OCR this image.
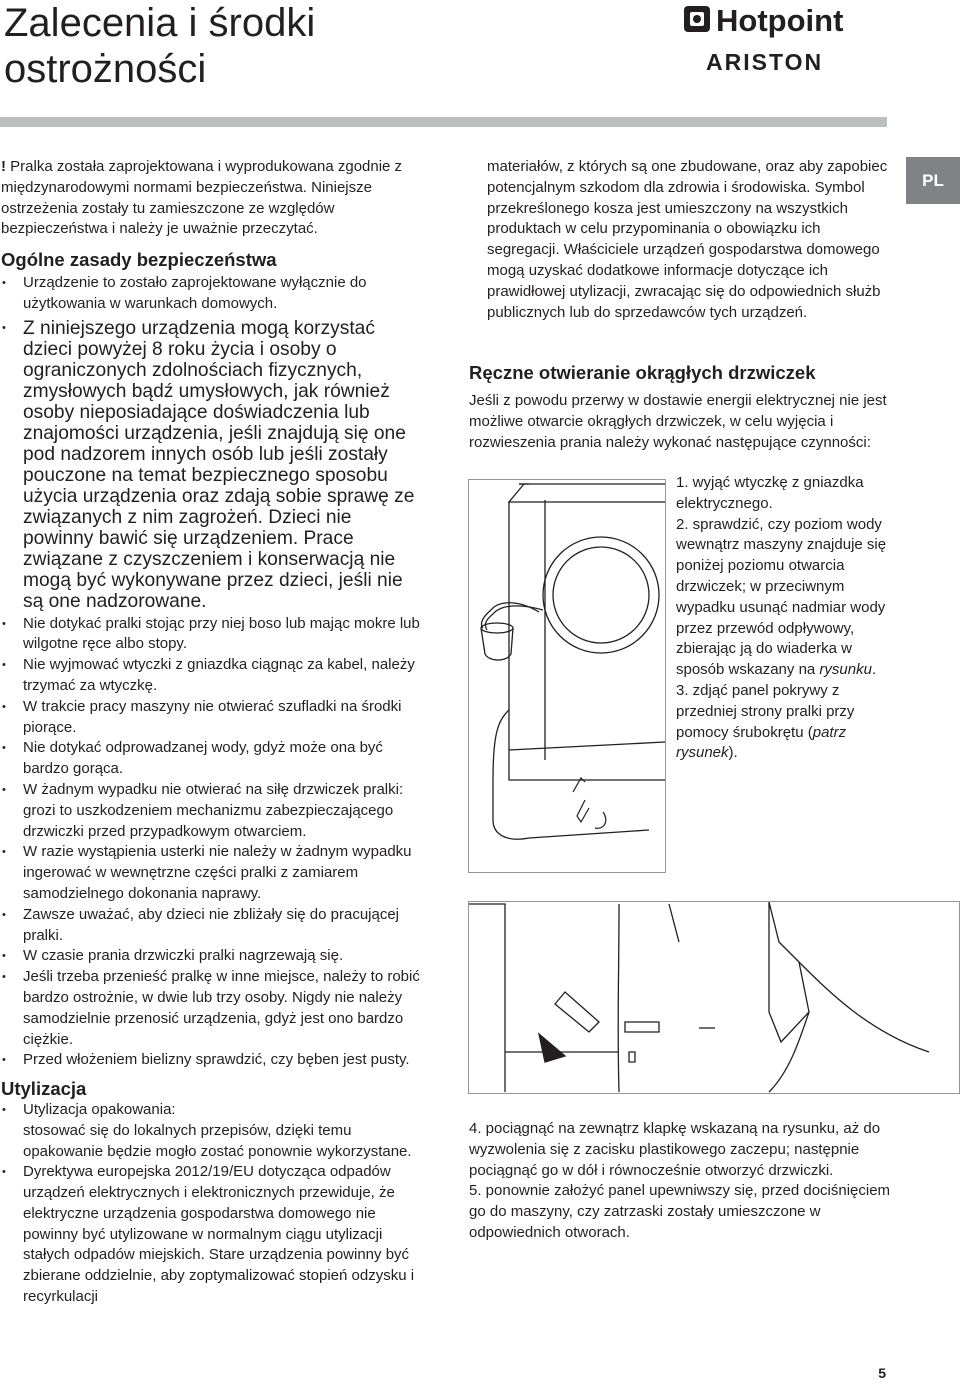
Zalecenia i środki
ostrożności
Hotpoint
ARISTON
PL

! Pralka została zaprojektowana i wyprodukowana zgodnie z międzynarodowymi normami bezpieczeństwa. Niniejsze ostrzeżenia zostały tu zamieszczone ze względów bezpieczeństwa i należy je uważnie przeczytać.

Ogólne zasady bezpieczeństwa

• Urządzenie to zostało zaprojektowane wyłącznie do użytkowania w warunkach domowych.
• Z niniejszego urządzenia mogą korzystać dzieci powyżej 8 roku życia i osoby o ograniczonych zdolnościach fizycznych, zmysłowych bądź umysłowych, jak również osoby nieposiadające doświadczenia lub znajomości urządzenia, jeśli znajdują się one pod nadzorem innych osób lub jeśli zostały pouczone na temat bezpiecznego sposobu użycia urządzenia oraz zdają sobie sprawę ze związanych z nim zagrożeń. Dzieci nie powinny bawić się urządzeniem. Prace związane z czyszczeniem i konserwacją nie mogą być wykonywane przez dzieci, jeśli nie są one nadzorowane.
• Nie dotykać pralki stojąc przy niej boso lub mając mokre lub wilgotne ręce albo stopy.
• Nie wyjmować wtyczki z gniazdka ciągnąc za kabel, należy trzymać za wtyczkę.
• W trakcie pracy maszyny nie otwierać szufladki na środki piorące.
• Nie dotykać odprowadzanej wody, gdyż może ona być bardzo gorąca.
• W żadnym wypadku nie otwierać na siłę drzwiczek pralki: grozi to uszkodzeniem mechanizmu zabezpieczającego drzwiczki przed przypadkowym otwarciem.
• W razie wystąpienia usterki nie należy w żadnym wypadku ingerować w wewnętrzne części pralki z zamiarem samodzielnego dokonania naprawy.
• Zawsze uważać, aby dzieci nie zbliżały się do pracującej pralki.
• W czasie prania drzwiczki pralki nagrzewają się.
• Jeśli trzeba przenieść pralkę w inne miejsce, należy to robić bardzo ostrożnie, w dwie lub trzy osoby. Nigdy nie należy samodzielnie przenosić urządzenia, gdyż jest ono bardzo ciężkie.
• Przed włożeniem bielizny sprawdzić, czy bęben jest pusty.

Utylizacja

• Utylizacja opakowania:
stosować się do lokalnych przepisów, dzięki temu opakowanie będzie mogło zostać ponownie wykorzystane.
• Dyrektywa europejska 2012/19/EU dotycząca odpadów urządzeń elektrycznych i elektronicznych przewiduje, że elektryczne urządzenia gospodarstwa domowego nie powinny być utylizowane w normalnym ciągu utylizacji stałych odpadów miejskich. Stare urządzenia powinny być zbierane oddzielnie, aby zoptymalizować stopień odzysku i recyrkulacji

materiałów, z których są one zbudowane, oraz aby zapobiec potencjalnym szkodom dla zdrowia i środowiska. Symbol przekreślonego kosza jest umieszczony na wszystkich produktach w celu przypominania o obowiązku ich segregacji. Właściciele urządzeń gospodarstwa domowego mogą uzyskać dodatkowe informacje dotyczące ich prawidłowej utylizacji, zwracając się do odpowiednich służb publicznych lub do sprzedawców tych urządzeń.

Ręczne otwieranie okrągłych drzwiczek

Jeśli z powodu przerwy w dostawie energii elektrycznej nie jest możliwe otwarcie okrągłych drzwiczek, w celu wyjęcia i rozwieszenia prania należy wykonać następujące czynności:

1. wyjąć wtyczkę z gniazdka elektrycznego.

2. sprawdzić, czy poziom wody wewnątrz maszyny znajduje się poniżej poziomu otwarcia drzwiczek; w przeciwnym wypadku usunąć nadmiar wody przez przewód odpływowy, zbierając ją do wiaderka w sposób wskazany na rysunku.

3. zdjąć panel pokrywy z przedniej strony pralki przy pomocy śrubokrętu (patrz rysunek).

4. pociągnąć na zewnątrz klapkę wskazaną na rysunku, aż do wyzwolenia się z zacisku plastikowego zaczepu; następnie pociągnąć go w dół i równocześnie otworzyć drzwiczki.

5. ponownie założyć panel upewniwszy się, przed dociśnięciem go do maszyny, czy zatrzaski zostały umieszczone w odpowiednich otworach.

5
